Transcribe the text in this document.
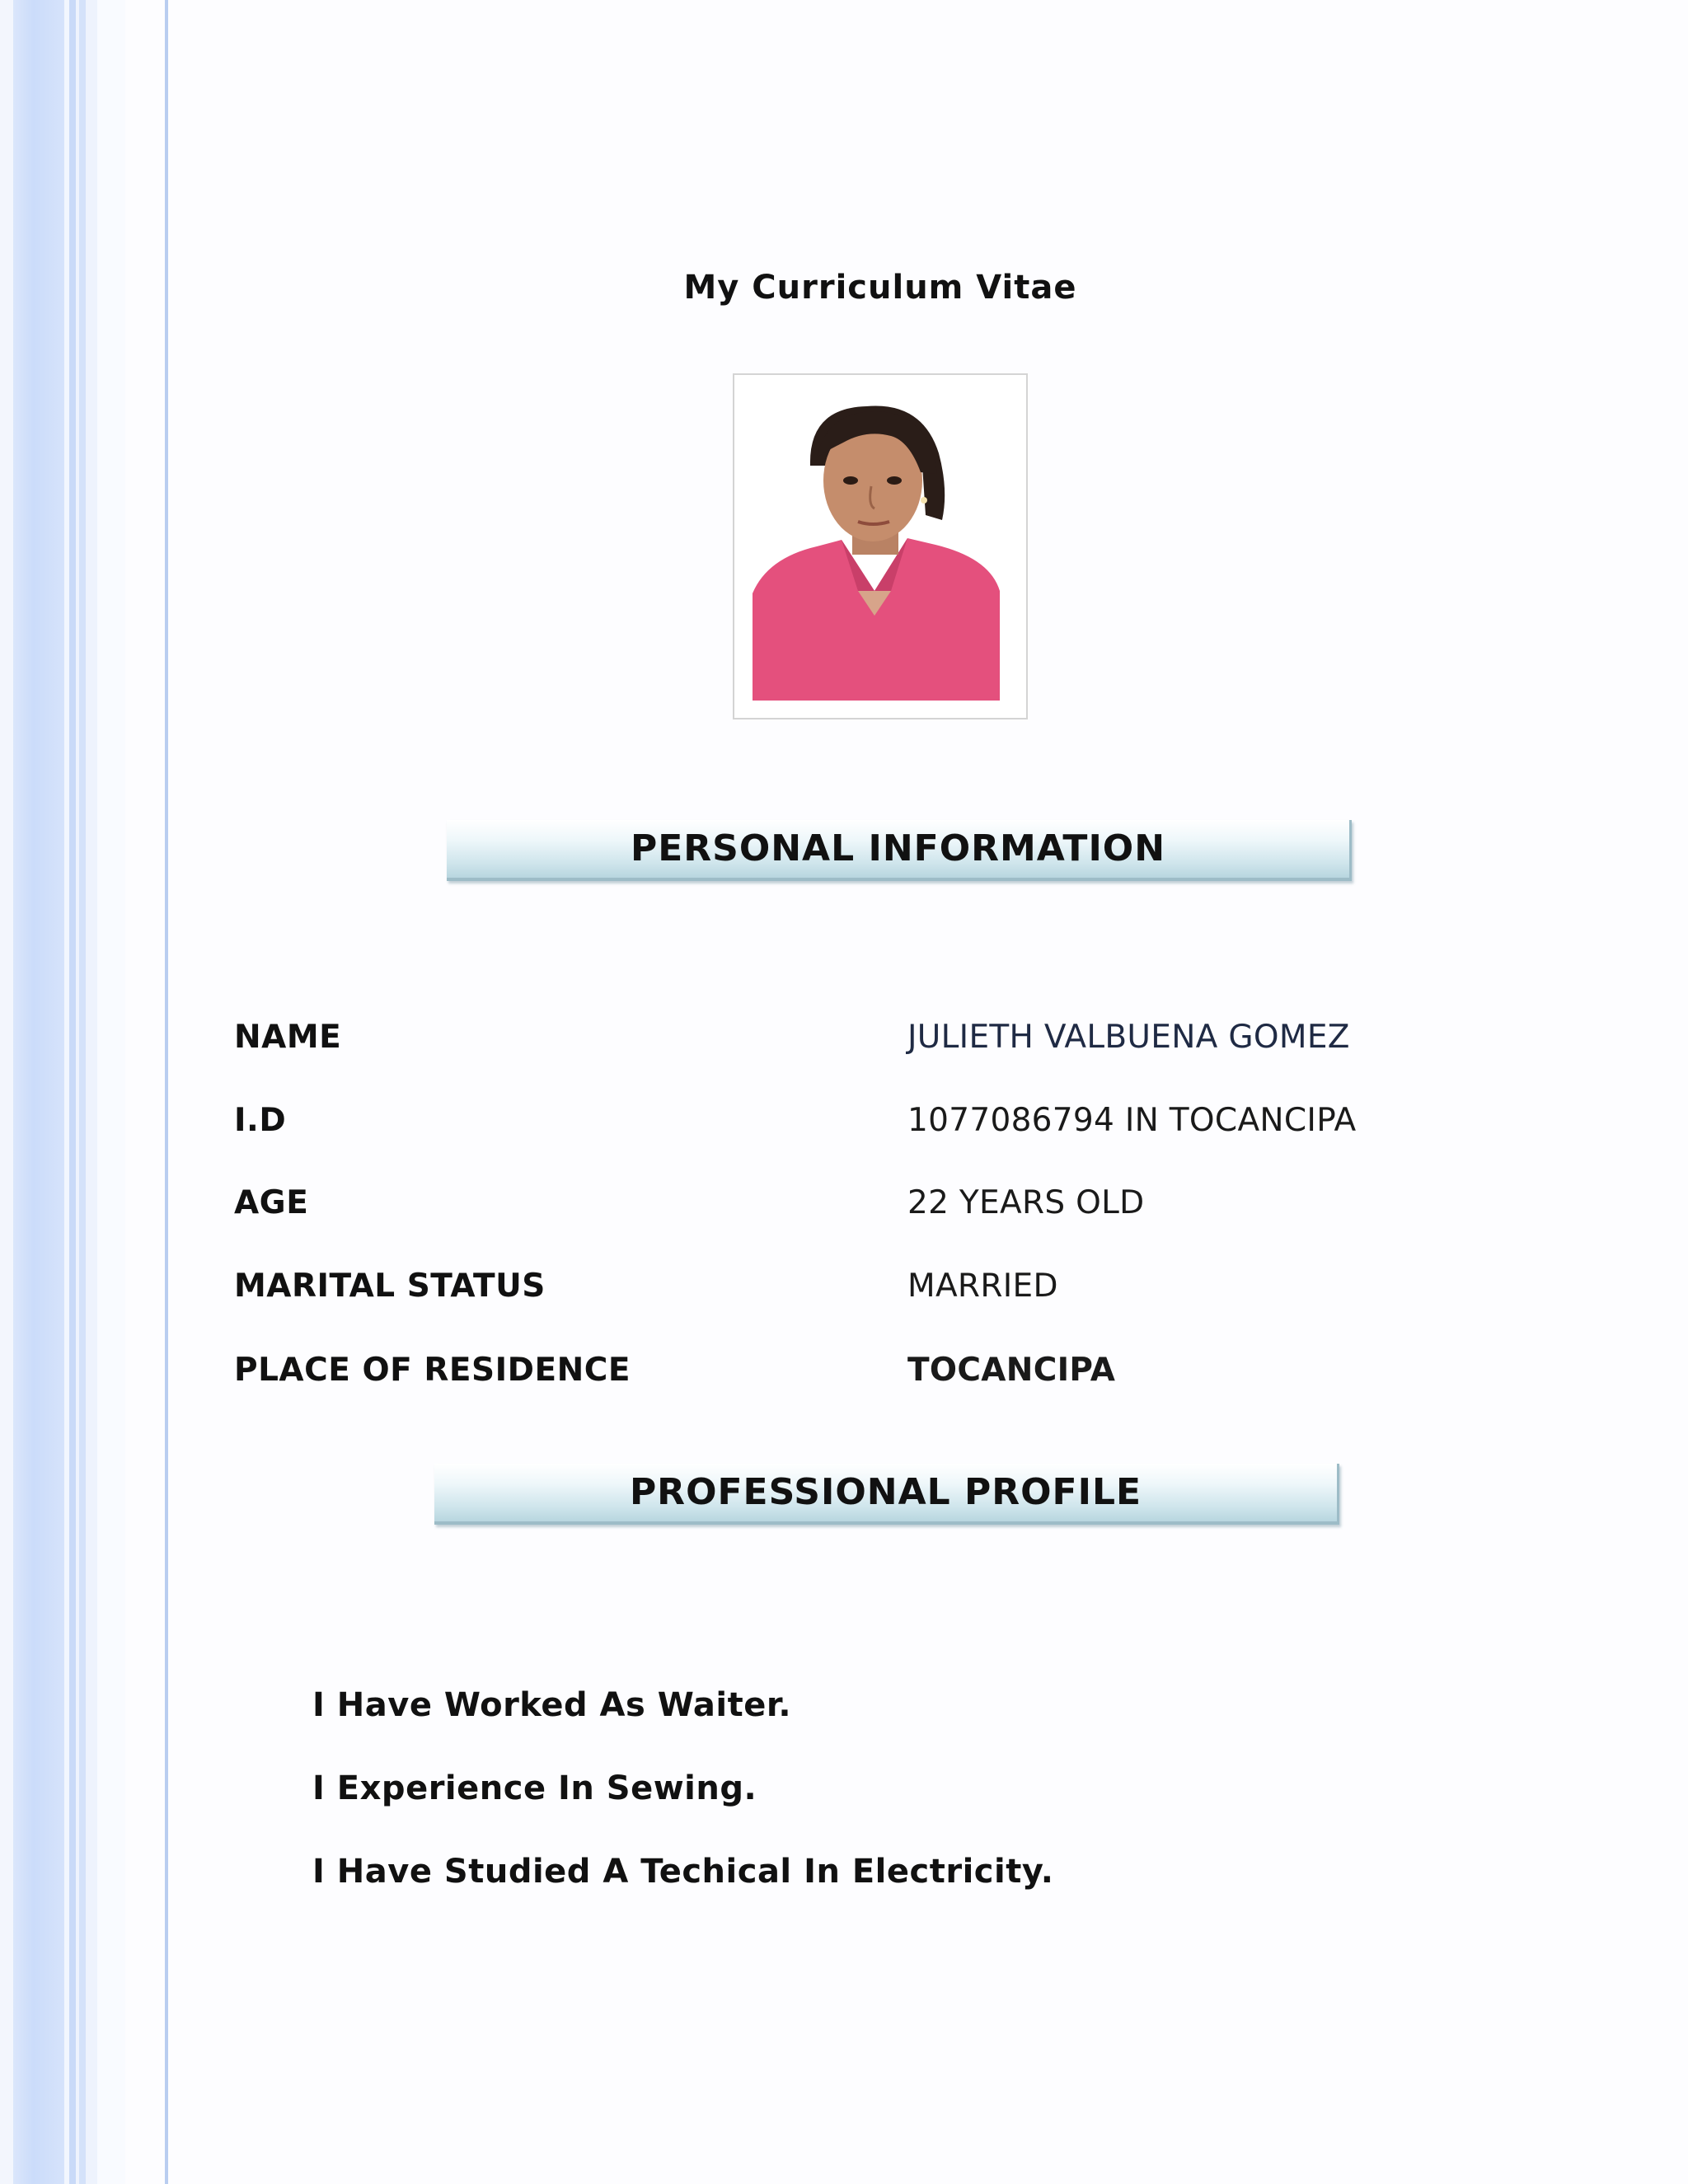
My Curriculum Vitae
PERSONAL INFORMATION
NAME	JULIETH VALBUENA GOMEZ
I.D	1077086794 IN TOCANCIPA
AGE	22 YEARS OLD
MARITAL STATUS	MARRIED
PLACE OF RESIDENCE	TOCANCIPA
PROFESSIONAL PROFILE
I Have Worked As Waiter.
I Experience In Sewing.
I Have Studied A Techical In Electricity.
